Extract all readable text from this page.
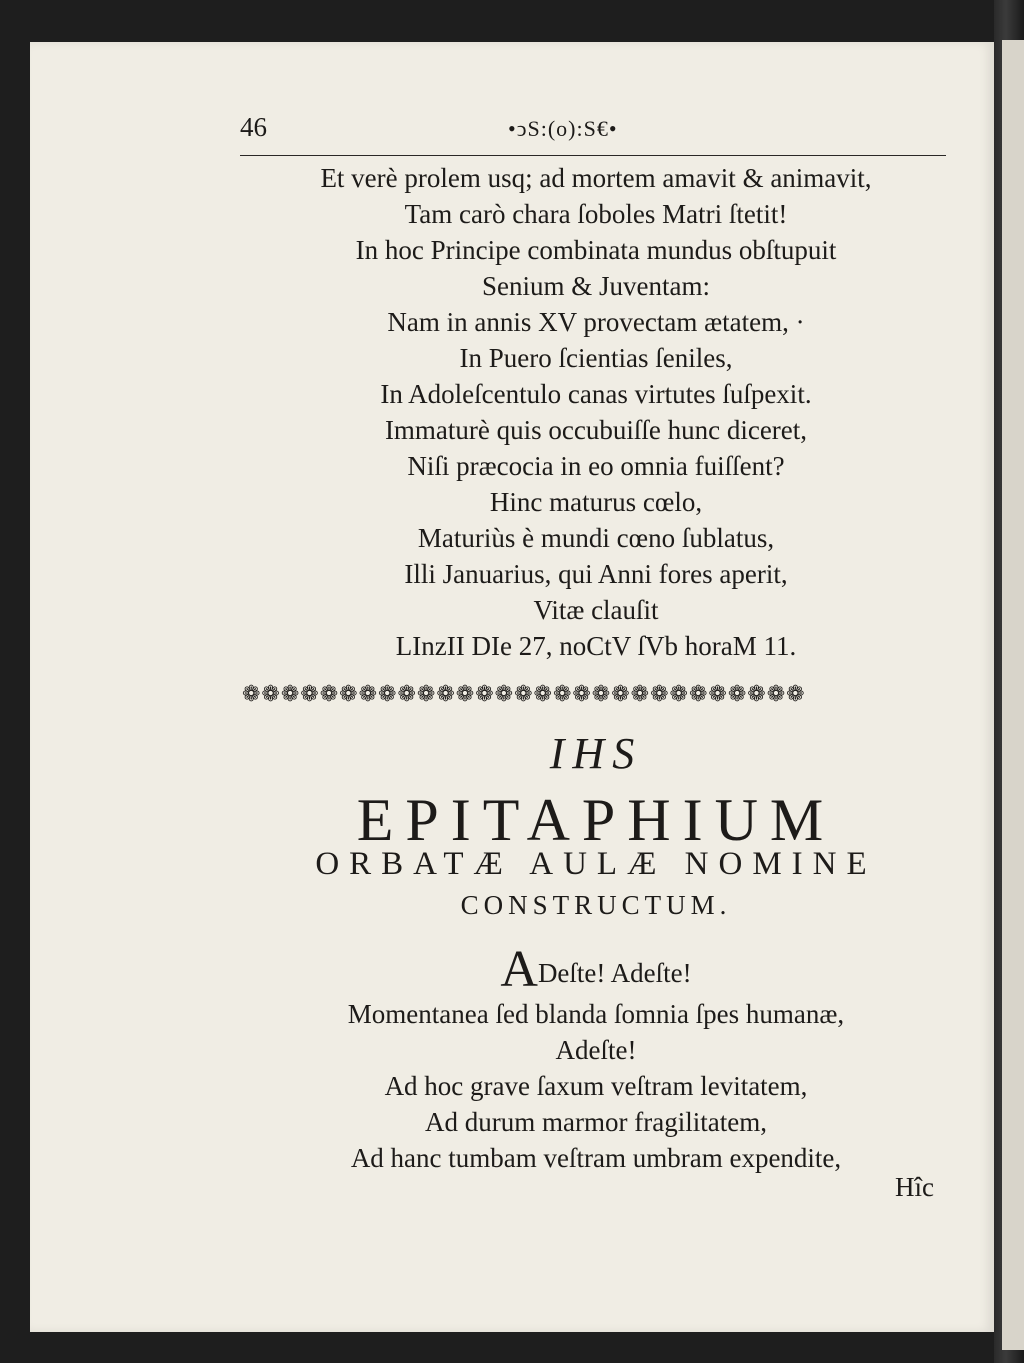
46	•ↄS:(o):S€•
Et verè prolem usq; ad mortem amavit & animavit,
Tam carò chara ſoboles Matri ſtetit!
In hoc Principe combinata mundus obſtupuit
Senium & Juventam:
Nam in annis XV provectam ætatem, ·
In Puero ſcientias ſeniles,
In Adoleſcentulo canas virtutes ſuſpexit.
Immaturè quis occubuiſſe hunc diceret,
Niſi præcocia in eo omnia fuiſſent?
Hinc maturus cœlo,
Maturiùs è mundi cœno ſublatus,
Illi Januarius, qui Anni fores aperit,
Vitæ clauſit
LInzII DIe 27, noCtV ſVb horaM 11.
❁❁❁❁❁❁❁❁❁❁❁❁❁❁❁❁❁❁❁❁❁❁❁❁❁❁❁❁❁
IHS
EPITAPHIUM
ORBATÆ AULÆ NOMINE
CONSTRUCTUM.
ADeſte! Adeſte!
Momentanea ſed blanda ſomnia ſpes humanæ,
Adeſte!
Ad hoc grave ſaxum veſtram levitatem,
Ad durum marmor fragilitatem,
Ad hanc tumbam veſtram umbram expendite,
Hîc
